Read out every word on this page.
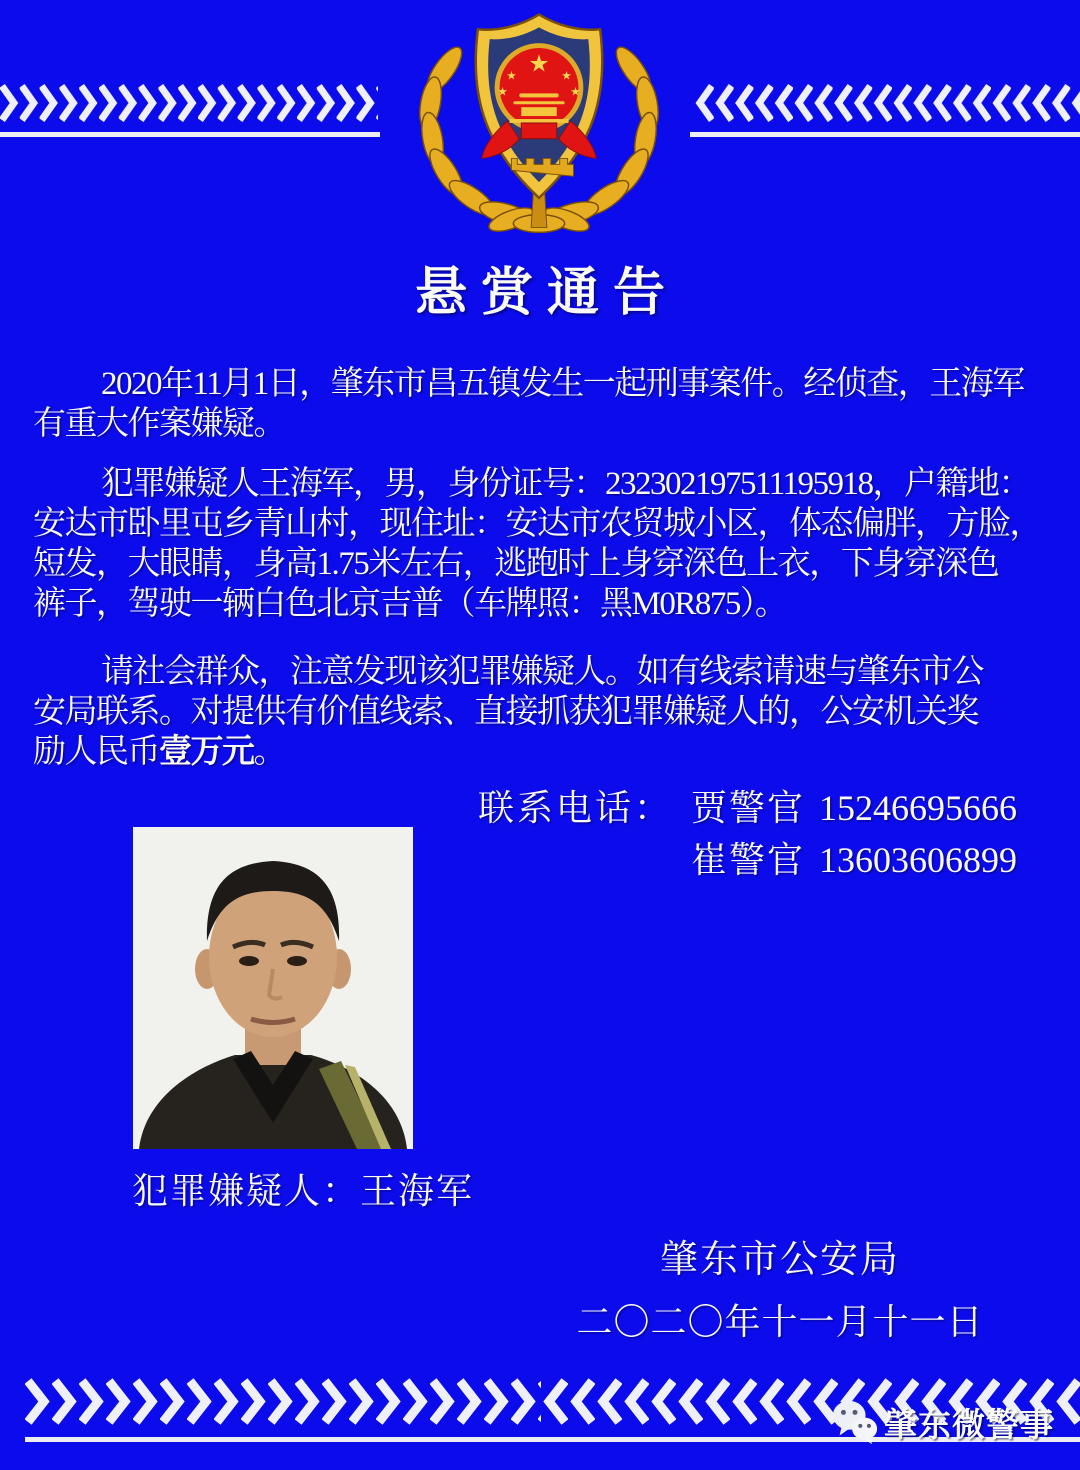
★
★	★
★	★
悬赏通告
2020年11月1日，肇东市昌五镇发生一起刑事案件。经侦查，王海军
有重大作案嫌疑。
犯罪嫌疑人王海军，男，身份证号：232302197511195918，户籍地：
安达市卧里屯乡青山村，现住址：安达市农贸城小区，体态偏胖，方脸，
短发，大眼睛，身高1.75米左右，逃跑时上身穿深色上衣，下身穿深色
裤子，驾驶一辆白色北京吉普（车牌照：黑M0R875）。
请社会群众，注意发现该犯罪嫌疑人。如有线索请速与肇东市公
安局联系。对提供有价值线索、直接抓获犯罪嫌疑人的，公安机关奖
励人民币壹万元。
联系电话： 贾警官 15246695666
崔警官 13603606899
犯罪嫌疑人：王海军
肇东市公安局
二〇二〇年十一月十一日
肇东微警事
